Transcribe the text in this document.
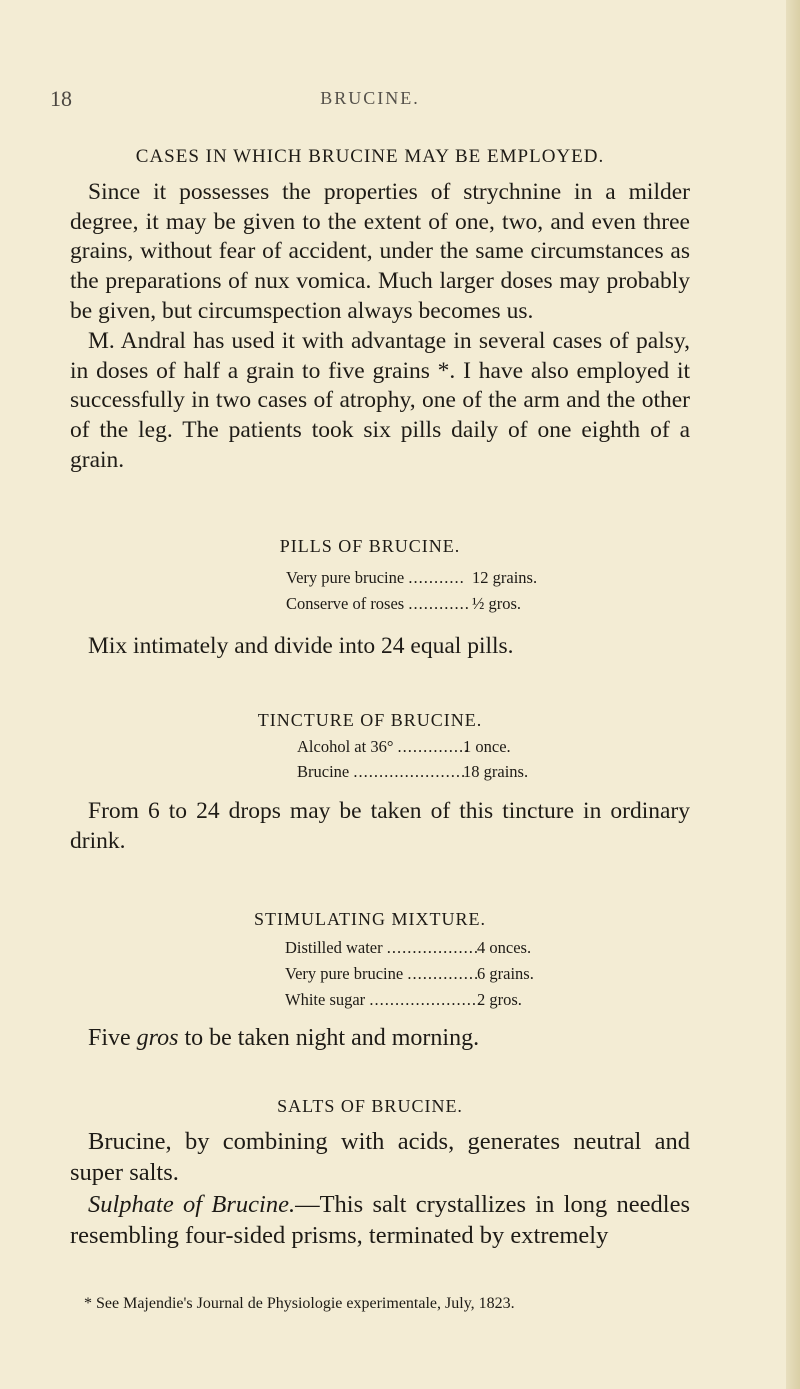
18	BRUCINE.
CASES IN WHICH BRUCINE MAY BE EMPLOYED.

Since it possesses the properties of strychnine in a milder degree, it may be given to the extent of one, two, and even three grains, without fear of accident, under the same circumstances as the preparations of nux vomica. Much larger doses may probably be given, but circumspection always becomes us.

M. Andral has used it with advantage in several cases of palsy, in doses of half a grain to five grains *. I have also employed it successfully in two cases of atrophy, one of the arm and the other of the leg. The patients took six pills daily of one eighth of a grain.

PILLS OF BRUCINE.
Very pure brucine ........... 12 grains.
Conserve of roses ............ ½ gros.

Mix intimately and divide into 24 equal pills.

TINCTURE OF BRUCINE.
Alcohol at 36° ..............
1 once.
Brucine ......................
18 grains.

From 6 to 24 drops may be taken of this tincture in ordinary drink.

STIMULATING MIXTURE.
Distilled water ..................
4 onces.
Very pure brucine ..............
6 grains.
White sugar ......................
2 gros.

Five gros to be taken night and morning.

SALTS OF BRUCINE.

Brucine, by combining with acids, generates neutral and super salts.

Sulphate of Brucine.—This salt crystallizes in long needles resembling four-sided prisms, terminated by extremely

* See Majendie's Journal de Physiologie experimentale, July, 1823.
